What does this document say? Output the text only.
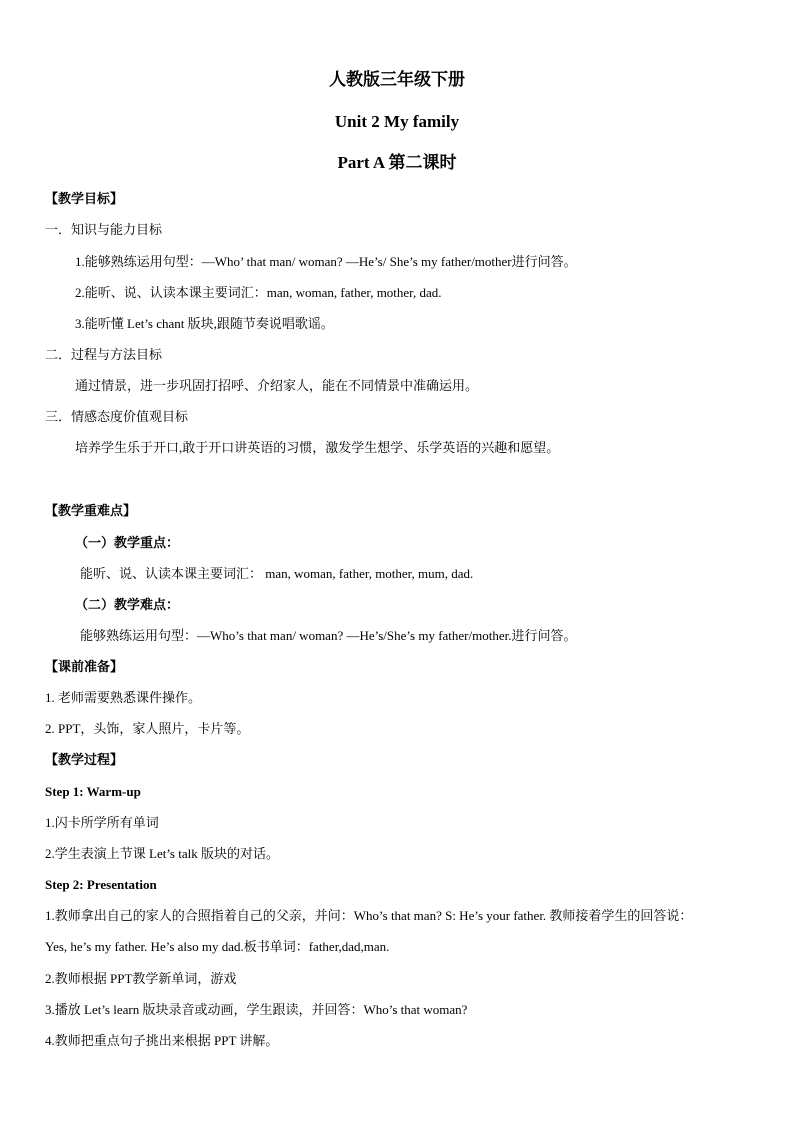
人教版三年级下册
Unit 2 My family
Part A 第二课时
【教学目标】
一．知识与能力目标
1.能够熟练运用句型：—Who’ that man/ woman? —He’s/ She’s my father/mother进行问答。
2.能听、说、认读本课主要词汇：man, woman, father, mother, dad.
3.能听懂 Let’s chant 版块,跟随节奏说唱歌谣。
二．过程与方法目标
通过情景，进一步巩固打招呼、介绍家人，能在不同情景中准确运用。
三．情感态度价值观目标
培养学生乐于开口,敢于开口讲英语的习惯，激发学生想学、乐学英语的兴趣和愿望。
【教学重难点】
（一）教学重点：
能听、说、认读本课主要词汇： man, woman, father, mother, mum, dad.
（二）教学难点：
能够熟练运用句型：—Who’s that man/ woman? —He’s/She’s my father/mother.进行问答。
【课前准备】
1. 老师需要熟悉课件操作。
2. PPT，头饰，家人照片，卡片等。
【教学过程】
Step 1: Warm-up
1.闪卡所学所有单词
2.学生表演上节课 Let’s talk 版块的对话。
Step 2: Presentation
1.教师拿出自己的家人的合照指着自己的父亲，并问：Who’s that man? S: He’s your father. 教师接着学生的回答说：
Yes, he’s my father. He’s also my dad.板书单词：father,dad,man.
2.教师根据 PPT教学新单词，游戏
3.播放 Let’s learn 版块录音或动画，学生跟读，并回答：Who’s that woman?
4.教师把重点句子挑出来根据 PPT 讲解。
